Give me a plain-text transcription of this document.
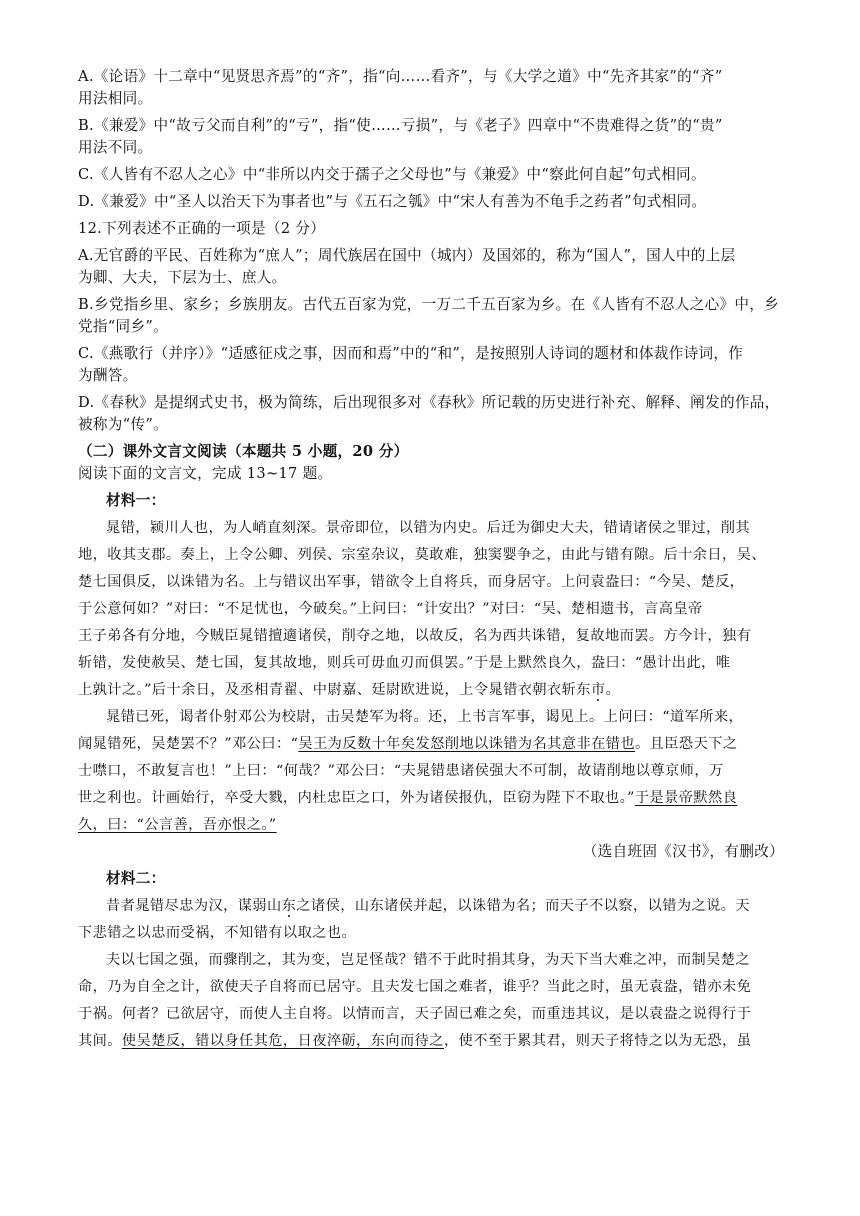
A.《论语》十二章中“见贤思齐焉”的“齐”，指“向……看齐”，与《大学之道》中“先齐其家”的“齐”
用法相同。
B.《兼爱》中“故亏父而自利”的“亏”，指“使……亏损”，与《老子》四章中“不贵难得之货”的“贵”
用法不同。
C.《人皆有不忍人之心》中“非所以内交于孺子之父母也”与《兼爱》中“察此何自起”句式相同。
D.《兼爱》中“圣人以治天下为事者也”与《五石之瓠》中“宋人有善为不龟手之药者”句式相同。
12.下列表述不正确的一项是（2 分）
A.无官爵的平民、百姓称为“庶人”；周代族居在国中（城内）及国郊的，称为“国人”，国人中的上层
为卿、大夫，下层为士、庶人。
B.乡党指乡里、家乡；乡族朋友。古代五百家为党，一万二千五百家为乡。在《人皆有不忍人之心》中，乡
党指“同乡”。
C.《燕歌行（并序）》“适感征戍之事，因而和焉”中的“和”，是按照别人诗词的题材和体裁作诗词，作
为酬答。
D.《春秋》是提纲式史书，极为简练，后出现很多对《春秋》所记载的历史进行补充、解释、阐发的作品，
被称为“传”。
（二）课外文言文阅读（本题共 5 小题，20 分）
阅读下面的文言文，完成 13~17 题。
材料一：
晁错，颍川人也，为人峭直刻深。景帝即位，以错为内史。后迁为御史大夫，错请诸侯之罪过，削其
地，收其支郡。奏上，上令公卿、列侯、宗室杂议，莫敢难，独窦婴争之，由此与错有隙。后十余日，吴、
楚七国俱反，以诛错为名。上与错议出军事，错欲令上自将兵，而身居守。上问袁盎曰：“今吴、楚反，
于公意何如？”对曰：“不足忧也，今破矣。”上问曰：“计安出？”对曰：“吴、楚相遗书，言高皇帝
王子弟各有分地，今贼臣晁错擅適诸侯，削夺之地，以故反，名为西共诛错，复故地而罢。方今计，独有
斩错，发使赦吴、楚七国，复其故地，则兵可毋血刃而俱罢。”于是上默然良久，盎曰：“愚计出此，唯
上孰计之。”后十余日，及丞相青翟、中尉嘉、廷尉欧进说，上令晁错衣朝衣斩东市。
晁错已死，谒者仆射邓公为校尉，击吴楚军为将。还，上书言军事，谒见上。上问曰：“道军所来，
闻晁错死，吴楚罢不？”邓公曰：“吴王为反数十年矣发怒削地以诛错为名其意非在错也。且臣恐天下之
士噤口，不敢复言也！”上曰：“何哉？”邓公曰：“夫晁错患诸侯强大不可制，故请削地以尊京师，万
世之利也。计画始行，卒受大戮，内杜忠臣之口，外为诸侯报仇，臣窃为陛下不取也。”于是景帝默然良
久，曰：“公言善，吾亦恨之。”
（选自班固《汉书》，有删改）
材料二：
昔者晁错尽忠为汉，谋弱山东之诸侯，山东诸侯并起，以诛错为名；而天子不以察，以错为之说。天
下悲错之以忠而受祸，不知错有以取之也。
夫以七国之强，而骤削之，其为变，岂足怪哉？错不于此时捐其身，为天下当大难之冲，而制吴楚之
命，乃为自全之计，欲使天子自将而已居守。且夫发七国之难者，谁乎？当此之时，虽无袁盎，错亦未免
于祸。何者？已欲居守，而使人主自将。以情而言，天子固已难之矣，而重违其议，是以袁盎之说得行于
其间。使吴楚反，错以身任其危，日夜淬砺，东向而待之，使不至于累其君，则天子将恃之以为无恐，虽
